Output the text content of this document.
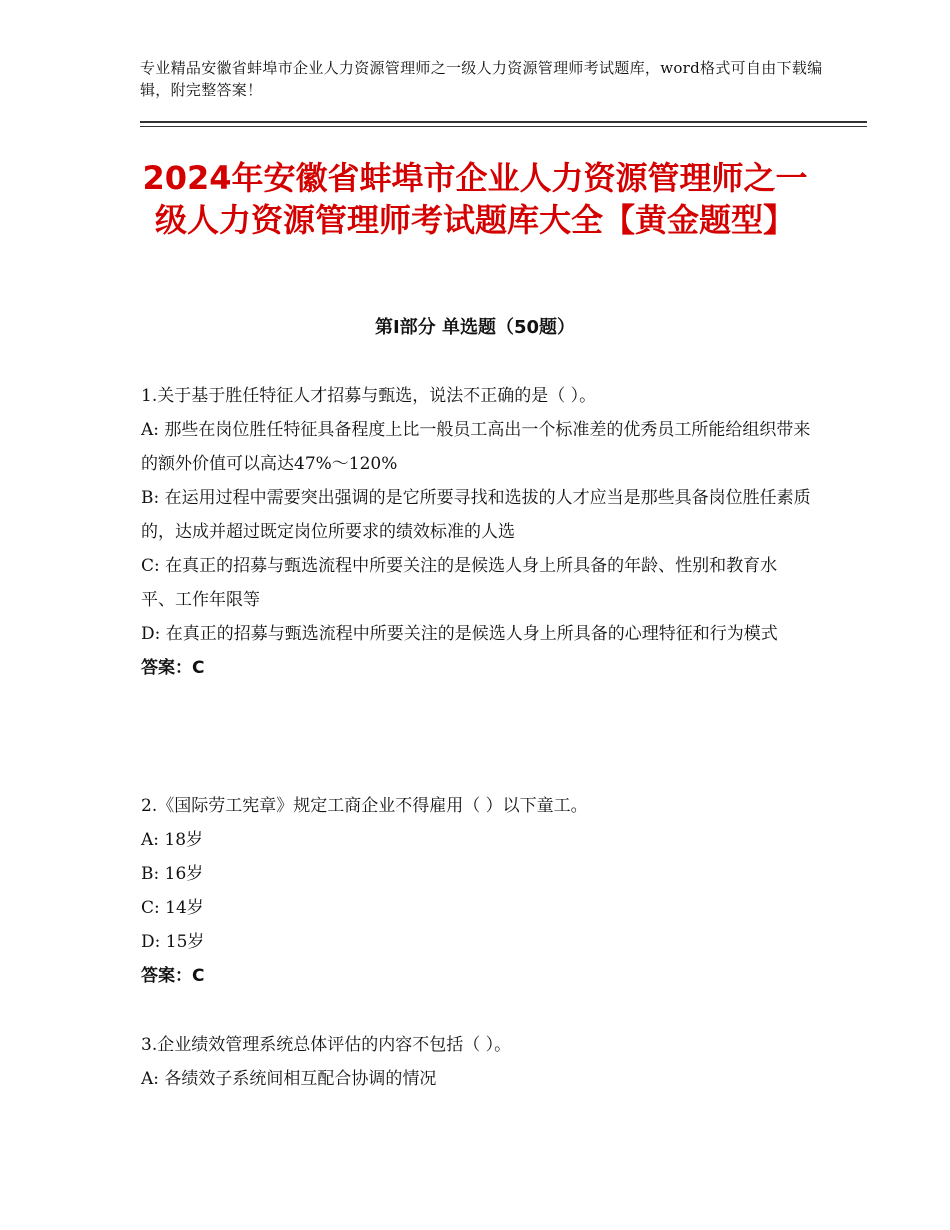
专业精品安徽省蚌埠市企业人力资源管理师之一级人力资源管理师考试题库，word格式可自由下载编辑，附完整答案！
2024年安徽省蚌埠市企业人力资源管理师之一级人力资源管理师考试题库大全【黄金题型】
第Ⅰ部分 单选题（50题）

1.关于基于胜任特征人才招募与甄选，说法不正确的是（ ）。

A: 那些在岗位胜任特征具备程度上比一般员工高出一个标准差的优秀员工所能给组织带来的额外价值可以高达47%～120%

B: 在运用过程中需要突出强调的是它所要寻找和选拔的人才应当是那些具备岗位胜任素质的，达成并超过既定岗位所要求的绩效标准的人选

C: 在真正的招募与甄选流程中所要关注的是候选人身上所具备的年龄、性别和教育水平、工作年限等

D: 在真正的招募与甄选流程中所要关注的是候选人身上所具备的心理特征和行为模式

答案：C

2.《国际劳工宪章》规定工商企业不得雇用（ ）以下童工。

A: 18岁

B: 16岁

C: 14岁

D: 15岁

答案：C

3.企业绩效管理系统总体评估的内容不包括（ ）。

A: 各绩效子系统间相互配合协调的情况
